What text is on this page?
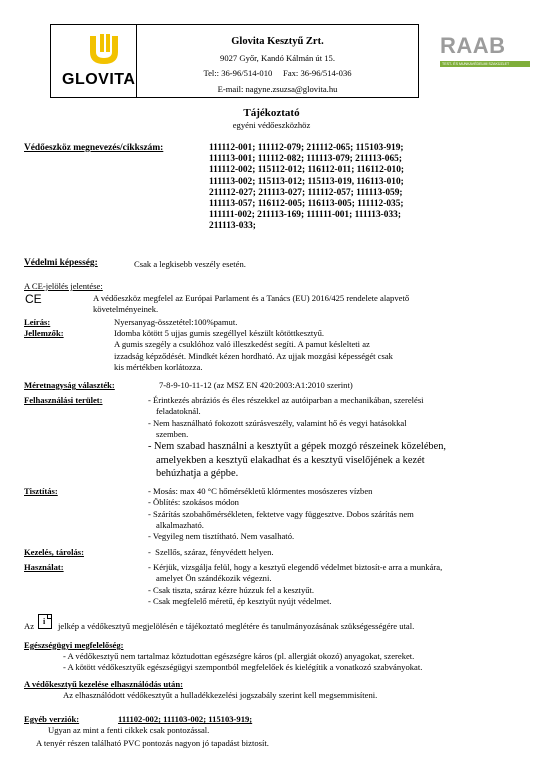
GLOVITA
Glovita Kesztyű Zrt.
9027 Győr, Kandó Kálmán út 15.
Tel:: 36-96/514-010     Fax: 36-96/514-036
E-mail: nagyne.zsuzsa@glovita.hu
RAAB
TEST- ÉS MUNKAVÉDELMI SZAKÜZLET
Tájékoztató
egyéni védőeszközhöz
Védőeszköz megnevezés/cikkszám:	111112-001; 111112-079; 211112-065; 115103-919;
111113-001; 111112-082; 111113-079; 211113-065;
111112-002; 115112-012; 116112-011; 116112-010;
111113-002; 115113-012; 115113-019, 116113-010;
211112-027; 211113-027; 111112-057; 111113-059;
111113-057; 116112-005; 116113-005; 111112-035;
111111-002; 211113-169; 111111-001; 111113-033;
211113-033;
Védelmi képesség:	Csak a legkisebb veszély esetén.
A CE-jelölés jelentése:
CE	A védőeszköz megfelel az Európai Parlament és a Tanács (EU) 2016/425 rendelete alapvető
követelményeinek.
Leírás:	Nyersanyag-összetétel:100%pamut.
Jellemzők:	Idomba kötött 5 ujjas gumis szegéllyel készült kötöttkesztyű.
A gumis szegély a csuklóhoz való illeszkedést segíti. A pamut késlelteti az
izzadság képződését. Mindkét kézen hordható. Az ujjak mozgási képességét csak
kis mértékben korlátozza.
Méretnagyság választék:	7-8-9-10-11-12 (az MSZ EN 420:2003:A1:2010 szerint)
Felhasználási terület:	- Érintkezés abráziós és éles részekkel az autóiparban a mechanikában, szerelési
feladatoknál.
- Nem használható fokozott szúrásveszély, valamint hő és vegyi hatásokkal
szemben.
- Nem szabad használni a kesztyűt a gépek mozgó részeinek közelében,
amelyekben a kesztyű elakadhat és a kesztyű viselőjének a kezét
behúzhatja a gépbe.
Tisztítás:	- Mosás: max 40 °C hőmérsékletű klórmentes mosószeres vízben
- Öblítés: szokásos módon
- Szárítás szobahőmérsékleten, fektetve vagy függesztve. Dobos szárítás nem
alkalmazható.
- Vegyileg nem tisztítható. Nem vasalható.
Kezelés, tárolás:	-  Szellős, száraz, fényvédett helyen.
Használat:	- Kérjük, vizsgálja felül, hogy a kesztyű elegendő védelmet biztosít-e arra a munkára,
amelyet Ön szándékozik végezni.
- Csak tiszta, száraz kézre húzzuk fel a kesztyűt.
- Csak megfelelő méretű, ép kesztyűt nyújt védelmet.
Az i jelkép a védőkesztyű megjelölésén e tájékoztató meglétére és tanulmányozásának szükségességére utal.
Egészségügyi megfelelőség:
- A védőkesztyű nem tartalmaz köztudottan egészségre káros (pl. allergiát okozó) anyagokat, szereket.
- A kötött védőkesztyűk egészségügyi szempontból megfelelőek és kielégítik a vonatkozó szabványokat.
A védőkesztyű kezelése elhasználódás után:
Az elhasználódott védőkesztyűt a hulladékkezelési jogszabály szerint kell megsemmisíteni.
Egyéb verziók:	111102-002; 111103-002; 115103-919;
Ugyan az mint a fenti cikkek csak pontozással.
A tenyér részen található PVC pontozás nagyon jó tapadást biztosít.
